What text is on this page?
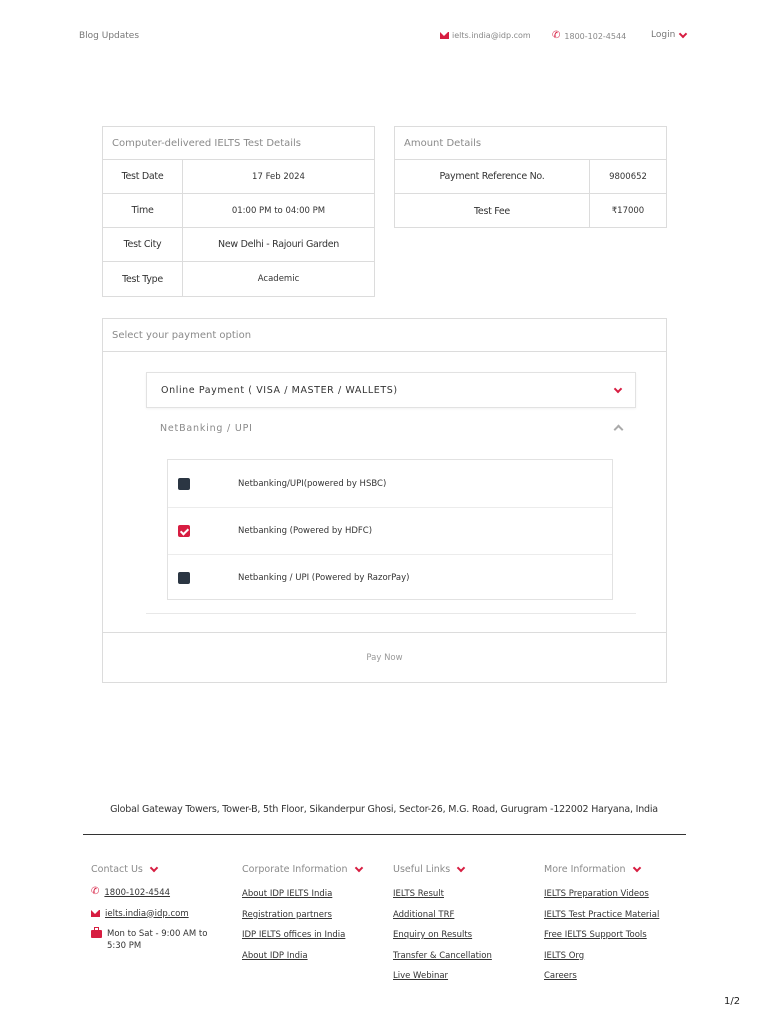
Blog Updates	ielts.india@idp.com ✆ 1800-102-4544	Login
Computer-delivered IELTS Test Details
Test Date	17 Feb 2024
Time	01:00 PM to 04:00 PM
Test City	New Delhi - Rajouri Garden
Test Type	Academic
Amount Details
Payment Reference No.	9800652
Test Fee	₹17000
Select your payment option
Online Payment ( VISA / MASTER / WALLETS)
NetBanking / UPI
Netbanking/UPI(powered by HSBC)
Netbanking (Powered by HDFC)
Netbanking / UPI (Powered by RazorPay)
Pay Now
Global Gateway Towers, Tower-B, 5th Floor, Sikanderpur Ghosi, Sector-26, M.G. Road, Gurugram -122002 Haryana, India
Contact Us
✆ 1800-102-4544
ielts.india@idp.com
Mon to Sat - 9:00 AM to 5:30 PM
Corporate Information
About IDP IELTS India
Registration partners
IDP IELTS offices in India
About IDP India
Useful Links
IELTS Result
Additional TRF
Enquiry on Results
Transfer & Cancellation
Live Webinar
More Information
IELTS Preparation Videos
IELTS Test Practice Material
Free IELTS Support Tools
IELTS Org
Careers
1/2
